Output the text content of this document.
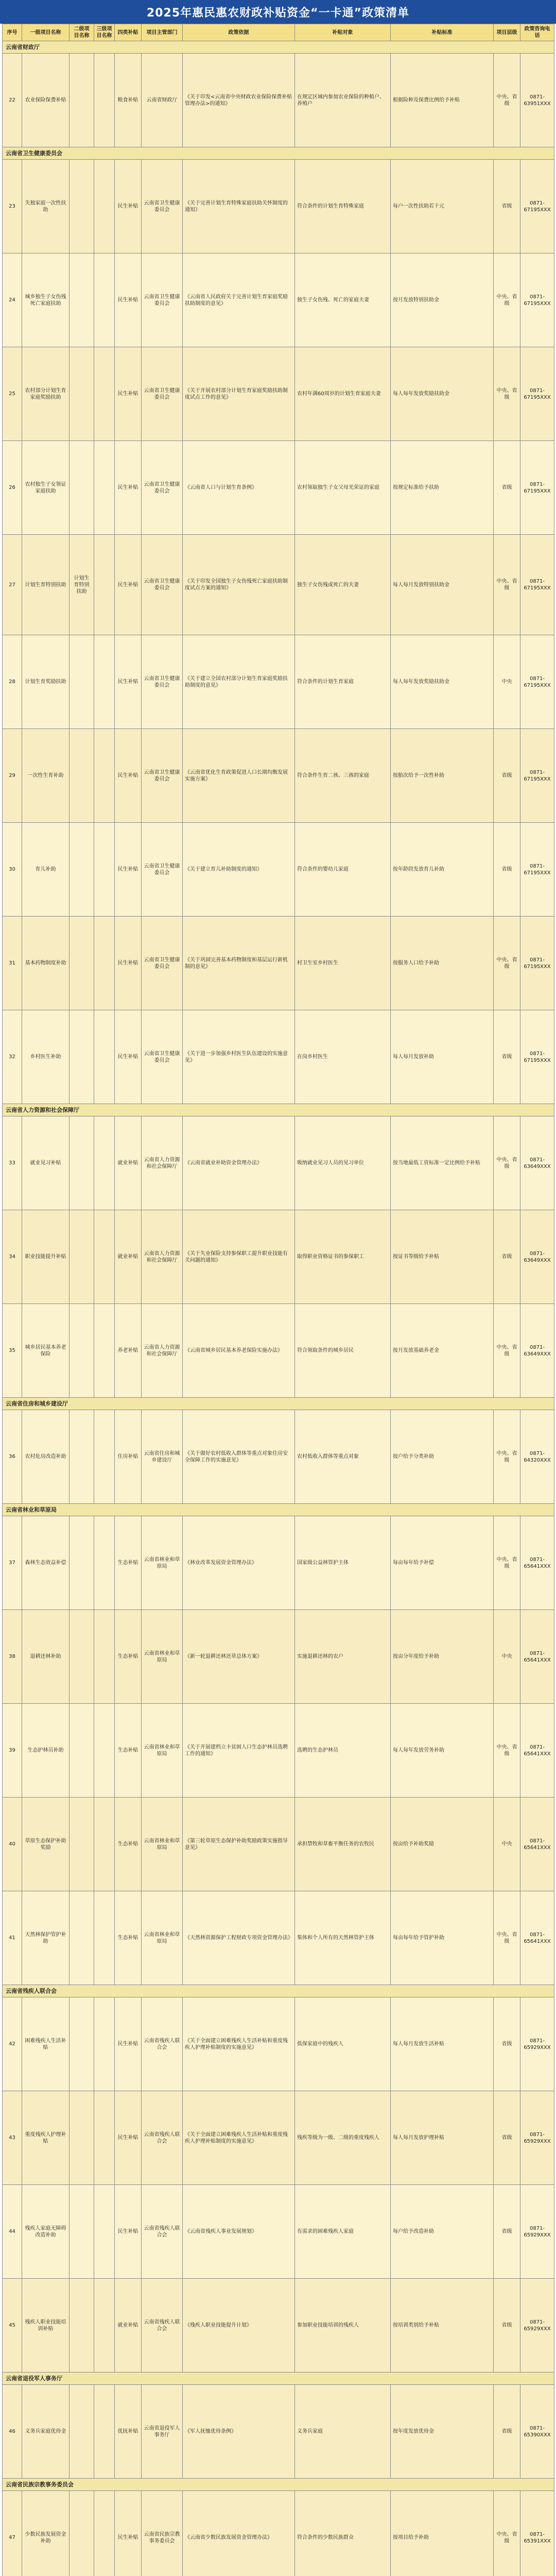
2025年惠民惠农财政补贴资金“一卡通”政策清单
序号	一级项目名称	二级项目名称	三级项目名称	四类补贴	项目主管部门	政策依据	补贴对象	补贴标准	项目层级	政策咨询电话
云南省财政厅										
22	农业保险保费补贴			粮食补贴	云南省财政厅	《关于印发<云南省中央财政农业保险保费补贴管理办法>的通知》	在规定区域内参加农业保险的种植户、养殖户	根据险种及保费比例给予补贴	中央、省级	0871-63951XXX
云南省卫生健康委员会										
23	失独家庭一次性扶助			民生补贴	云南省卫生健康委员会	《关于完善计划生育特殊家庭扶助关怀制度的通知》	符合条件的计划生育特殊家庭	每户一次性扶助若干元	省级	0871-67195XXX
24	城乡独生子女伤残死亡家庭扶助			民生补贴	云南省卫生健康委员会	《云南省人民政府关于完善计划生育家庭奖励扶助制度的意见》	独生子女伤残、死亡的家庭夫妻	按月发放特别扶助金	中央、省级	0871-67195XXX
25	农村部分计划生育家庭奖励扶助			民生补贴	云南省卫生健康委员会	《关于开展农村部分计划生育家庭奖励扶助制度试点工作的意见》	农村年满60周岁的计划生育家庭夫妻	每人每年发放奖励扶助金	中央、省级	0871-67195XXX
26	农村独生子女领证家庭扶助			民生补贴	云南省卫生健康委员会	《云南省人口与计划生育条例》	农村领取独生子女父母光荣证的家庭	按规定标准给予扶助	省级	0871-67195XXX
27	计划生育特别扶助	计划生育特别扶助		民生补贴	云南省卫生健康委员会	《关于印发全国独生子女伤残死亡家庭扶助制度试点方案的通知》	独生子女伤残或死亡的夫妻	每人每月发放特别扶助金	中央、省级	0871-67195XXX
28	计划生育奖励扶助			民生补贴	云南省卫生健康委员会	《关于建立全国农村部分计划生育家庭奖励扶助制度的意见》	符合条件的计划生育家庭	每人每年发放奖励扶助金	中央	0871-67195XXX
29	一次性生育补助			民生补贴	云南省卫生健康委员会	《云南省优化生育政策促进人口长期均衡发展实施方案》	符合条件生育二孩、三孩的家庭	按胎次给予一次性补助	省级	0871-67195XXX
30	育儿补助			民生补贴	云南省卫生健康委员会	《关于建立育儿补助制度的通知》	符合条件的婴幼儿家庭	按年龄段发放育儿补助	省级	0871-67195XXX
31	基本药物制度补助			民生补贴	云南省卫生健康委员会	《关于巩固完善基本药物制度和基层运行新机制的意见》	村卫生室乡村医生	按服务人口给予补助	中央、省级	0871-67195XXX
32	乡村医生补助			民生补贴	云南省卫生健康委员会	《关于进一步加强乡村医生队伍建设的实施意见》	在岗乡村医生	每人每月发放补助	省级	0871-67195XXX
云南省人力资源和社会保障厅										
33	就业见习补贴			就业补贴	云南省人力资源和社会保障厅	《云南省就业补助资金管理办法》	吸纳就业见习人员的见习单位	按当地最低工资标准一定比例给予补贴	中央、省级	0871-63649XXX
34	职业技能提升补贴			就业补贴	云南省人力资源和社会保障厅	《关于失业保险支持参保职工提升职业技能有关问题的通知》	取得职业资格证书的参保职工	按证书等级给予补贴	省级	0871-63649XXX
35	城乡居民基本养老保险			养老补贴	云南省人力资源和社会保障厅	《云南省城乡居民基本养老保险实施办法》	符合领取条件的城乡居民	按月发放基础养老金	中央、省级	0871-63649XXX
云南省住房和城乡建设厅										
36	农村危房改造补助			住房补贴	云南省住房和城乡建设厅	《关于做好农村低收入群体等重点对象住房安全保障工作的实施意见》	农村低收入群体等重点对象	按户给予分类补助	中央、省级	0871-64320XXX
云南省林业和草原局										
37	森林生态效益补偿			生态补贴	云南省林业和草原局	《林业改革发展资金管理办法》	国家级公益林管护主体	每亩每年给予补偿	中央、省级	0871-65641XXX
38	退耕还林补助			生态补贴	云南省林业和草原局	《新一轮退耕还林还草总体方案》	实施退耕还林的农户	按亩分年度给予补助	中央	0871-65641XXX
39	生态护林员补助			生态补贴	云南省林业和草原局	《关于开展建档立卡贫困人口生态护林员选聘工作的通知》	选聘的生态护林员	每人每年发放劳务补助	中央、省级	0871-65641XXX
40	草原生态保护补助奖励			生态补贴	云南省林业和草原局	《第三轮草原生态保护补助奖励政策实施指导意见》	承担禁牧和草畜平衡任务的农牧民	按亩给予补助奖励	中央	0871-65641XXX
41	天然林保护管护补助			生态补贴	云南省林业和草原局	《天然林资源保护工程财政专项资金管理办法》	集体和个人所有的天然林管护主体	每亩每年给予管护补助	中央、省级	0871-65641XXX
云南省残疾人联合会										
42	困难残疾人生活补贴			民生补贴	云南省残疾人联合会	《关于全面建立困难残疾人生活补贴和重度残疾人护理补贴制度的实施意见》	低保家庭中的残疾人	每人每月发放生活补贴	省级	0871-65929XXX
43	重度残疾人护理补贴			民生补贴	云南省残疾人联合会	《关于全面建立困难残疾人生活补贴和重度残疾人护理补贴制度的实施意见》	残疾等级为一级、二级的重度残疾人	每人每月发放护理补贴	省级	0871-65929XXX
44	残疾人家庭无障碍改造补助			民生补贴	云南省残疾人联合会	《云南省残疾人事业发展规划》	有需求的困难残疾人家庭	每户给予改造补助	省级	0871-65929XXX
45	残疾人职业技能培训补贴			就业补贴	云南省残疾人联合会	《残疾人职业技能提升计划》	参加职业技能培训的残疾人	按培训类别给予补贴	省级	0871-65929XXX
云南省退役军人事务厅										
46	义务兵家庭优待金			优抚补贴	云南省退役军人事务厅	《军人抚恤优待条例》	义务兵家庭	按年度发放优待金	省级	0871-65390XXX
云南省民族宗教事务委员会										
47	少数民族发展资金补助			民生补贴	云南省民族宗教事务委员会	《云南省少数民族发展资金管理办法》	符合条件的少数民族群众	按项目给予补助	中央、省级	0871-65391XXX
